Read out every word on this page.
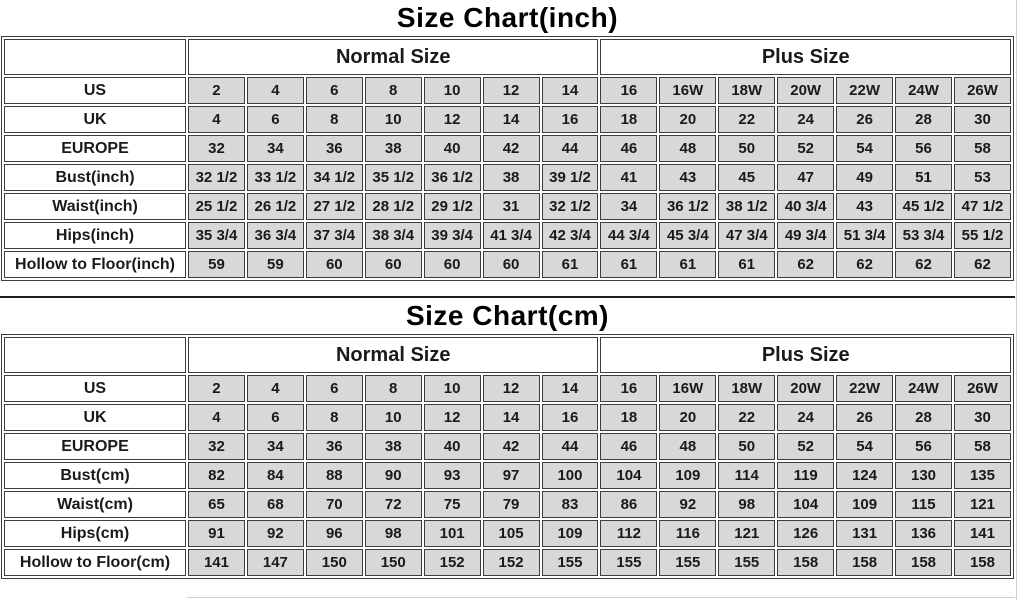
Size Chart(inch)
	Normal Size							Plus Size						
US	2	4	6	8	10	12	14	16	16W	18W	20W	22W	24W	26W
UK	4	6	8	10	12	14	16	18	20	22	24	26	28	30
EUROPE	32	34	36	38	40	42	44	46	48	50	52	54	56	58
Bust(inch)	32 1/2	33 1/2	34 1/2	35 1/2	36 1/2	38	39 1/2	41	43	45	47	49	51	53
Waist(inch)	25 1/2	26 1/2	27 1/2	28 1/2	29 1/2	31	32 1/2	34	36 1/2	38 1/2	40 3/4	43	45 1/2	47 1/2
Hips(inch)	35 3/4	36 3/4	37 3/4	38 3/4	39 3/4	41 3/4	42 3/4	44 3/4	45 3/4	47 3/4	49 3/4	51 3/4	53 3/4	55 1/2
Hollow to Floor(inch)	59	59	60	60	60	60	61	61	61	61	62	62	62	62
Size Chart(cm)
	Normal Size							Plus Size						
US	2	4	6	8	10	12	14	16	16W	18W	20W	22W	24W	26W
UK	4	6	8	10	12	14	16	18	20	22	24	26	28	30
EUROPE	32	34	36	38	40	42	44	46	48	50	52	54	56	58
Bust(cm)	82	84	88	90	93	97	100	104	109	114	119	124	130	135
Waist(cm)	65	68	70	72	75	79	83	86	92	98	104	109	115	121
Hips(cm)	91	92	96	98	101	105	109	112	116	121	126	131	136	141
Hollow to Floor(cm)	141	147	150	150	152	152	155	155	155	155	158	158	158	158
